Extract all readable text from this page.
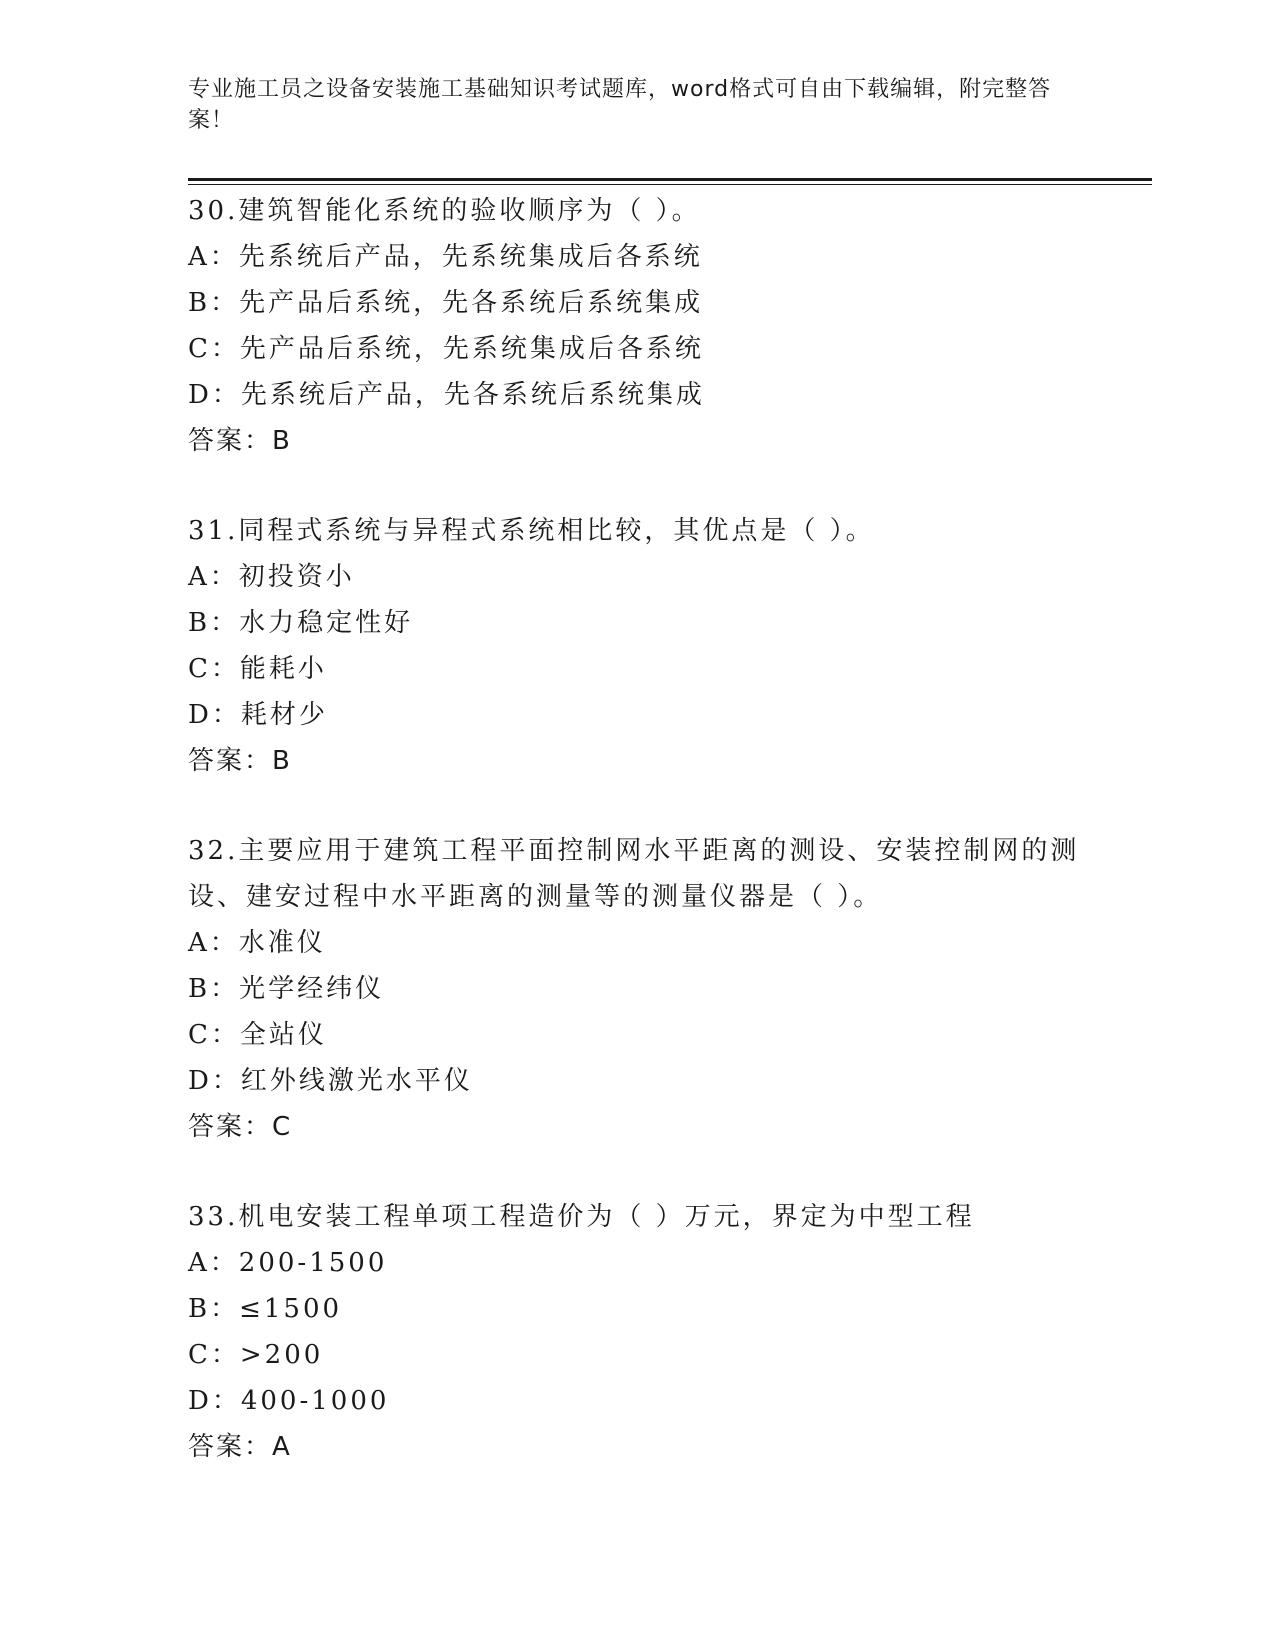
专业施工员之设备安装施工基础知识考试题库，word格式可自由下载编辑，附完整答案！
30.建筑智能化系统的验收顺序为（ ）。
A：先系统后产品，先系统集成后各系统
B：先产品后系统，先各系统后系统集成
C：先产品后系统，先系统集成后各系统
D：先系统后产品，先各系统后系统集成
答案：B
31.同程式系统与异程式系统相比较，其优点是（ ）。
A：初投资小
B：水力稳定性好
C：能耗小
D：耗材少
答案：B
32.主要应用于建筑工程平面控制网水平距离的测设、安装控制网的测设、建安过程中水平距离的测量等的测量仪器是（ ）。
A：水准仪
B：光学经纬仪
C：全站仪
D：红外线激光水平仪
答案：C
33.机电安装工程单项工程造价为（ ）万元，界定为中型工程
A：200-1500
B：≤1500
C：>200
D：400-1000
答案：A
